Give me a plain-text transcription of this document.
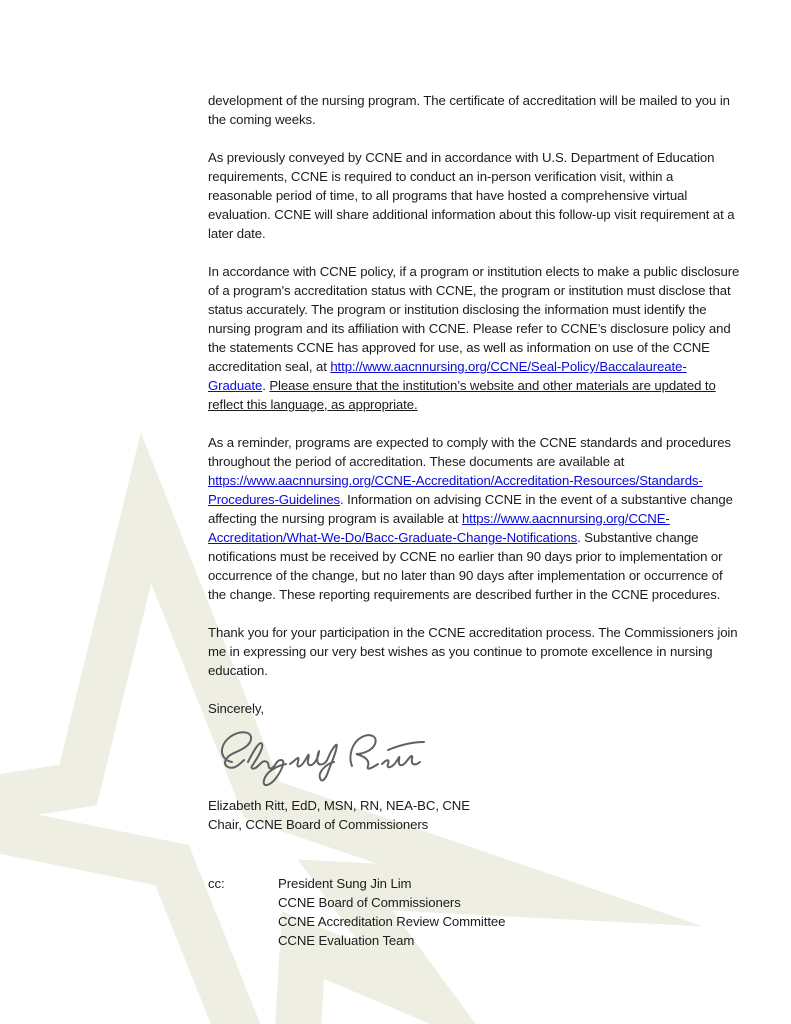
development of the nursing program. The certificate of accreditation will be mailed to you in the coming weeks.

As previously conveyed by CCNE and in accordance with U.S. Department of Education requirements, CCNE is required to conduct an in-person verification visit, within a reasonable period of time, to all programs that have hosted a comprehensive virtual evaluation. CCNE will share additional information about this follow-up visit requirement at a later date.

In accordance with CCNE policy, if a program or institution elects to make a public disclosure of a program's accreditation status with CCNE, the program or institution must disclose that status accurately. The program or institution disclosing the information must identify the nursing program and its affiliation with CCNE. Please refer to CCNE’s disclosure policy and the statements CCNE has approved for use, as well as information on use of the CCNE accreditation seal, at http://www.aacnnursing.org/CCNE/Seal-Policy/Baccalaureate-Graduate. Please ensure that the institution’s website and other materials are updated to reflect this language, as appropriate.

As a reminder, programs are expected to comply with the CCNE standards and procedures throughout the period of accreditation. These documents are available at https://www.aacnnursing.org/CCNE-Accreditation/Accreditation-Resources/Standards-Procedures-Guidelines. Information on advising CCNE in the event of a substantive change affecting the nursing program is available at https://www.aacnnursing.org/CCNE-Accreditation/What-We-Do/Bacc-Graduate-Change-Notifications. Substantive change notifications must be received by CCNE no earlier than 90 days prior to implementation or occurrence of the change, but no later than 90 days after implementation or occurrence of the change. These reporting requirements are described further in the CCNE procedures.

Thank you for your participation in the CCNE accreditation process. The Commissioners join me in expressing our very best wishes as you continue to promote excellence in nursing education.

Sincerely,

Elizabeth Ritt, EdD, MSN, RN, NEA-BC, CNE
Chair, CCNE Board of Commissioners
cc:	President Sung Jin Lim
CCNE Board of Commissioners
CCNE Accreditation Review Committee
CCNE Evaluation Team
